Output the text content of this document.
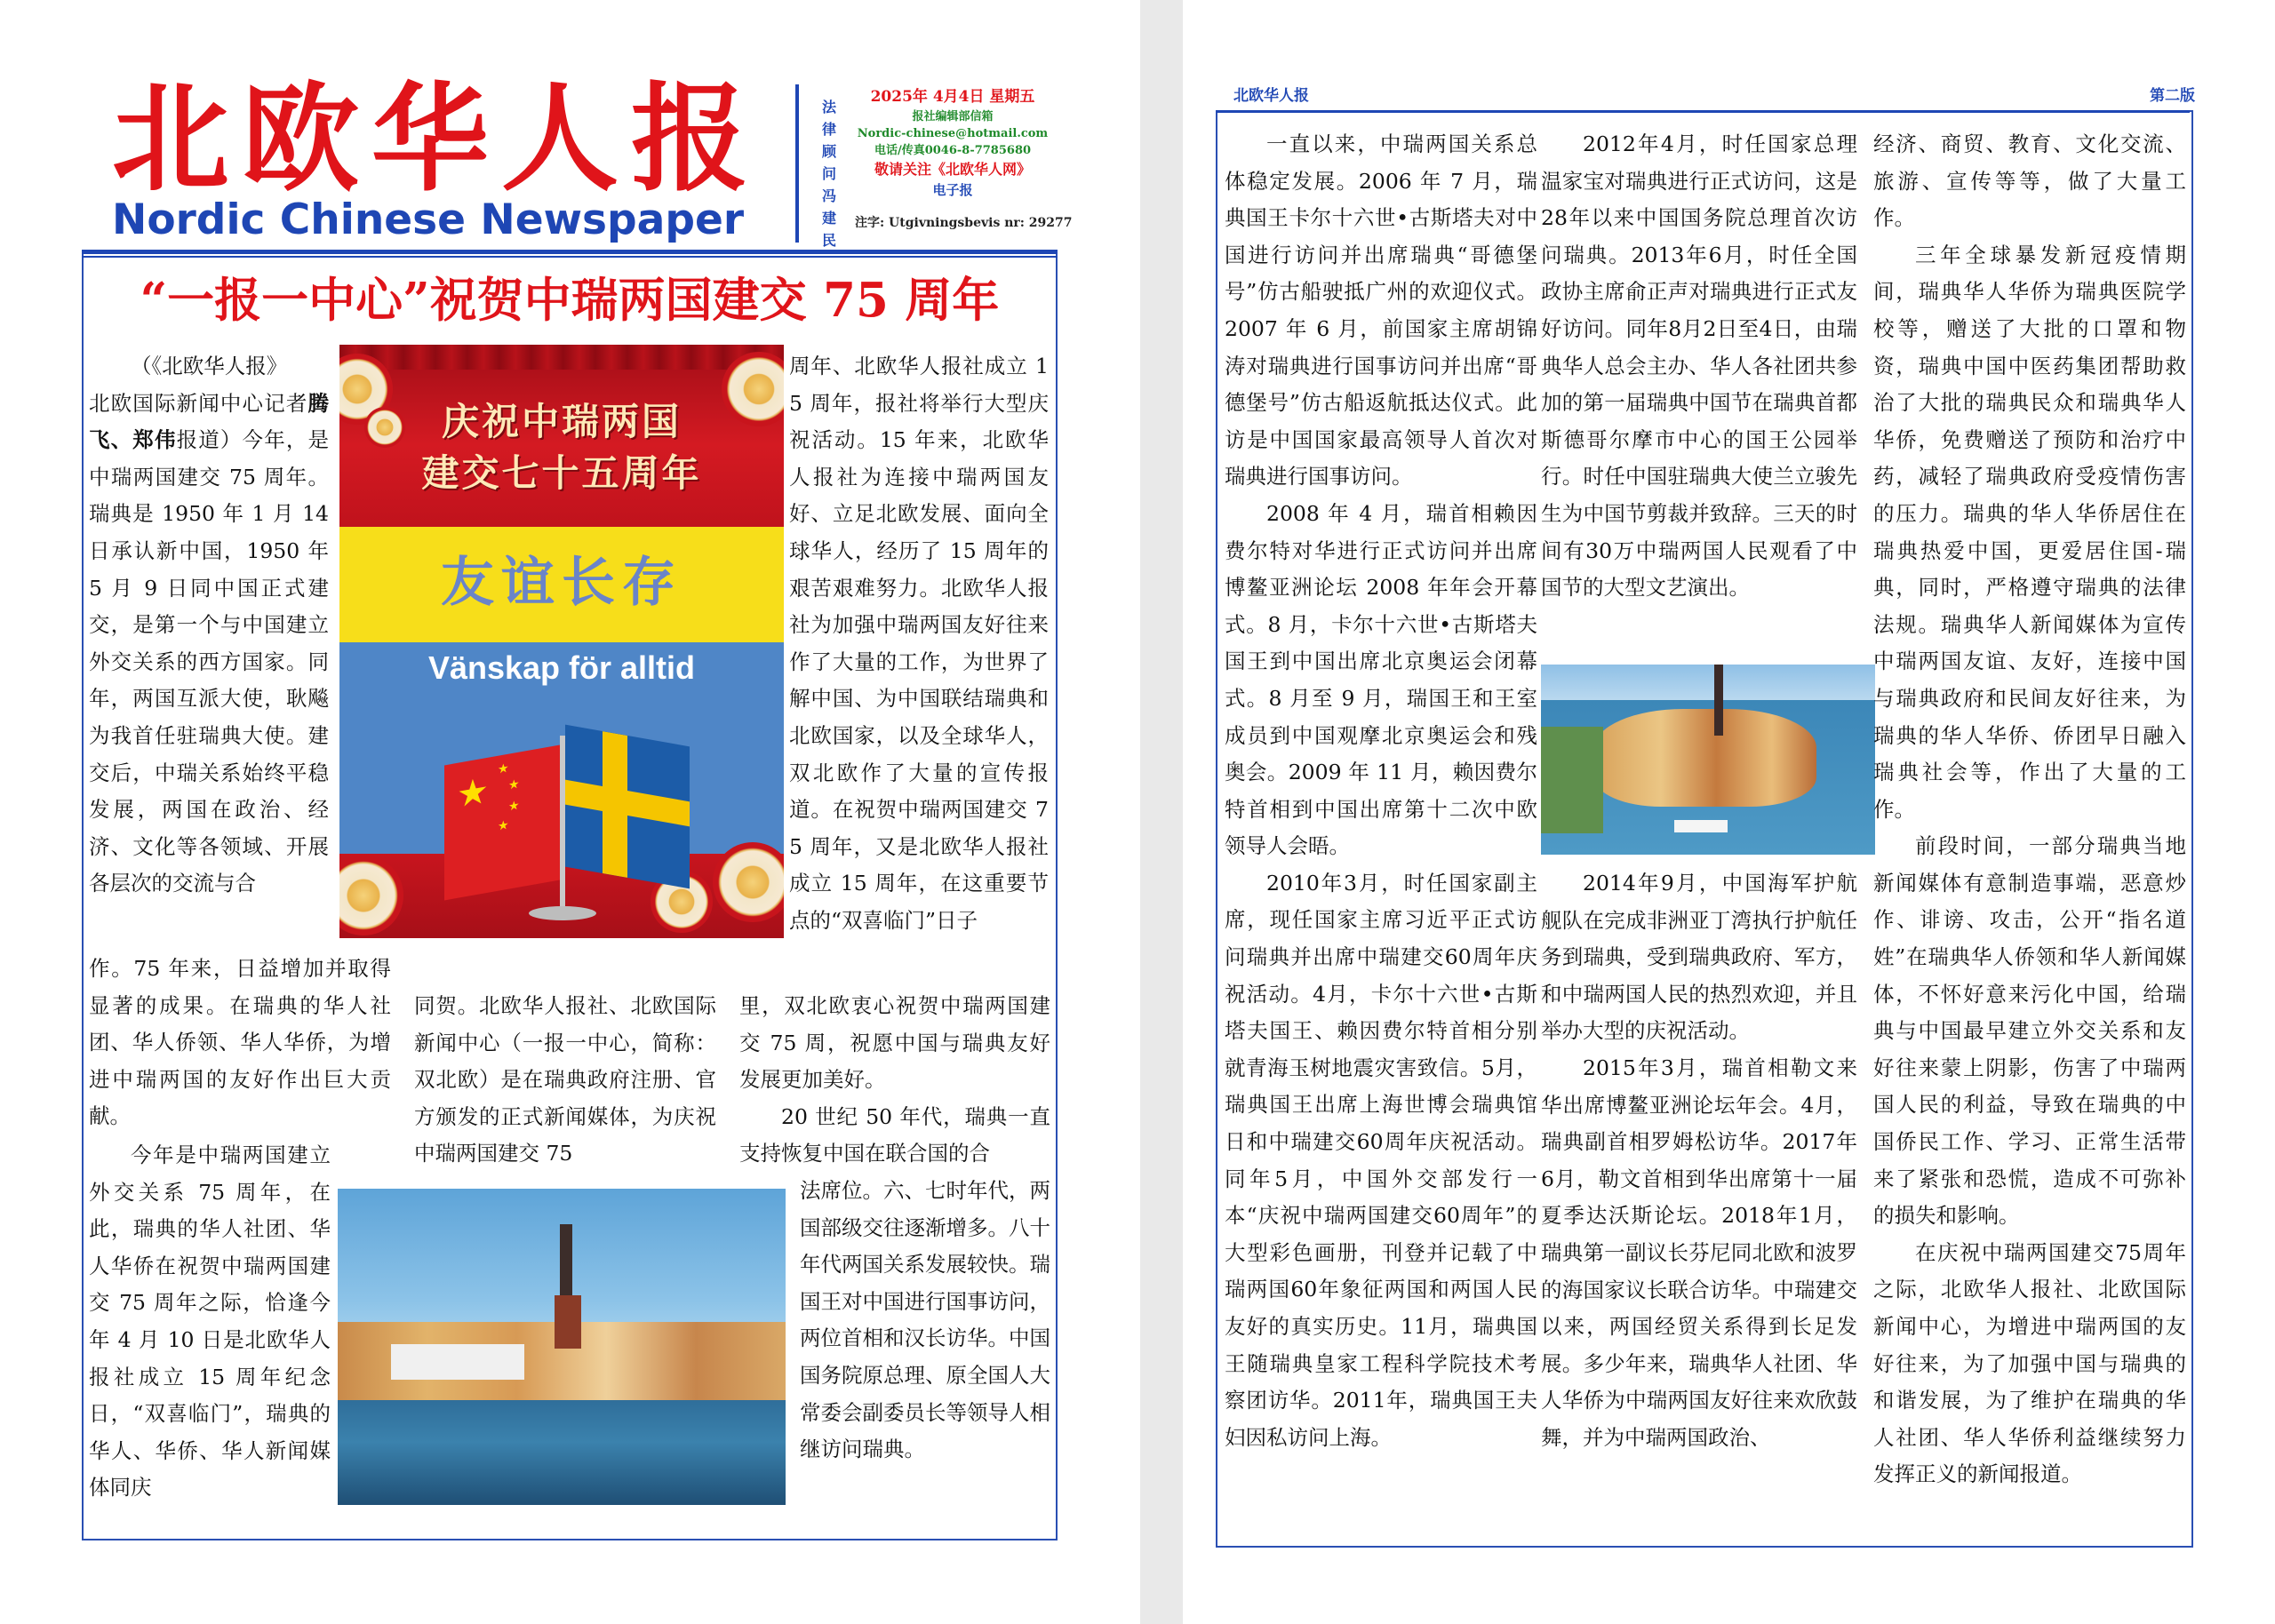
北欧华人报
Nordic Chinese Newspaper
法律顾问冯建民
2025年 4月4日 星期五
报社编辑部信箱
Nordic-chinese@hotmail.com
电话/传真0046-8-7785680
敬请关注《北欧华人网》
电子报
注字: Utgivningsbevis nr: 29277
“一报一中心”祝贺中瑞两国建交 75 周年

（《北欧华人报》

北欧国际新闻中心记者腾飞、郑伟报道）今年，是中瑞两国建交 75 周年。瑞典是 1950 年 1 月 14 日承认新中国，1950 年 5 月 9 日同中国正式建交，是第一个与中国建立外交关系的西方国家。同年，两国互派大使，耿飚为我首任驻瑞典大使。建交后，中瑞关系始终平稳发展，两国在政治、经济、文化等各领域、开展各层次的交流与合

庆祝中瑞两国
建交七十五周年
友谊长存
Vänskap för alltid
★
★
★
★
★

周年、北欧华人报社成立 15 周年，报社将举行大型庆祝活动。15 年来，北欧华人报社为连接中瑞两国友好、立足北欧发展、面向全球华人，经历了 15 周年的艰苦艰难努力。北欧华人报社为加强中瑞两国友好往来作了大量的工作，为世界了解中国、为中国联结瑞典和北欧国家，以及全球华人，双北欧作了大量的宣传报道。在祝贺中瑞两国建交 75 周年，又是北欧华人报社成立 15 周年，在这重要节点的“双喜临门”日子

作。75 年来，日益增加并取得显著的成果。在瑞典的华人社团、华人侨领、华人华侨，为增进中瑞两国的友好作出巨大贡献。

同贺。北欧华人报社、北欧国际新闻中心（一报一中心，简称：双北欧）是在瑞典政府注册、官方颁发的正式新闻媒体，为庆祝中瑞两国建交 75

里，双北欧衷心祝贺中瑞两国建交 75 周，祝愿中国与瑞典友好发展更加美好。

20 世纪 50 年代，瑞典一直支持恢复中国在联合国的合

今年是中瑞两国建立外交关系 75 周年，在此，瑞典的华人社团、华人华侨在祝贺中瑞两国建交 75 周年之际，恰逢今年 4 月 10 日是北欧华人报社成立 15 周年纪念日，“双喜临门”，瑞典的华人、华侨、华人新闻媒体同庆

法席位。六、七时年代，两国部级交往逐渐增多。八十年代两国关系发展较快。瑞国王对中国进行国事访问，两位首相和汉长访华。中国国务院原总理、原全国人大常委会副委员长等领导人相继访问瑞典。

北欧华人报	第二版

一直以来，中瑞两国关系总体稳定发展。2006 年 7 月，瑞典国王卡尔十六世•古斯塔夫对中国进行访问并出席瑞典“哥德堡号”仿古船驶抵广州的欢迎仪式。2007 年 6 月，前国家主席胡锦涛对瑞典进行国事访问并出席“哥德堡号”仿古船返航抵达仪式。此访是中国国家最高领导人首次对瑞典进行国事访问。

2008 年 4 月，瑞首相赖因费尔特对华进行正式访问并出席博鳌亚洲论坛 2008 年年会开幕式。8 月，卡尔十六世•古斯塔夫国王到中国出席北京奥运会闭幕式。8 月至 9 月，瑞国王和王室成员到中国观摩北京奥运会和残奥会。2009 年 11 月，赖因费尔特首相到中国出席第十二次中欧领导人会晤。

2010年3月，时任国家副主席，现任国家主席习近平正式访问瑞典并出席中瑞建交60周年庆祝活动。4月，卡尔十六世•古斯塔夫国王、赖因费尔特首相分别就青海玉树地震灾害致信。5月，瑞典国王出席上海世博会瑞典馆日和中瑞建交60周年庆祝活动。同年5月，中国外交部发行一本“庆祝中瑞两国建交60周年”的大型彩色画册，刊登并记载了中瑞两国60年象征两国和两国人民友好的真实历史。11月，瑞典国王随瑞典皇家工程科学院技术考察团访华。2011年，瑞典国王夫妇因私访问上海。

2012年4月，时任国家总理温家宝对瑞典进行正式访问，这是28年以来中国国务院总理首次访问瑞典。2013年6月，时任全国政协主席俞正声对瑞典进行正式友好访问。同年8月2日至4日，由瑞典华人总会主办、华人各社团共参加的第一届瑞典中国节在瑞典首都斯德哥尔摩市中心的国王公园举行。时任中国驻瑞典大使兰立骏先生为中国节剪裁并致辞。三天的时间有30万中瑞两国人民观看了中国节的大型文艺演出。

2014年9月，中国海军护航舰队在完成非洲亚丁湾执行护航任务到瑞典，受到瑞典政府、军方，和中瑞两国人民的热烈欢迎，并且举办大型的庆祝活动。

2015年3月，瑞首相勒文来华出席博鳌亚洲论坛年会。4月，瑞典副首相罗姆松访华。2017年6月，勒文首相到华出席第十一届夏季达沃斯论坛。2018年1月，瑞典第一副议长芬尼同北欧和波罗的海国家议长联合访华。中瑞建交以来，两国经贸关系得到长足发展。多少年来，瑞典华人社团、华人华侨为中瑞两国友好往来欢欣鼓舞，并为中瑞两国政治、

经济、商贸、教育、文化交流、旅游、宣传等等，做了大量工作。

三年全球暴发新冠疫情期间，瑞典华人华侨为瑞典医院学校等，赠送了大批的口罩和物资，瑞典中国中医药集团帮助救治了大批的瑞典民众和瑞典华人华侨，免费赠送了预防和治疗中药，减轻了瑞典政府受疫情伤害的压力。瑞典的华人华侨居住在瑞典热爱中国，更爱居住国-瑞典，同时，严格遵守瑞典的法律法规。瑞典华人新闻媒体为宣传中瑞两国友谊、友好，连接中国与瑞典政府和民间友好往来，为瑞典的华人华侨、侨团早日融入瑞典社会等，作出了大量的工作。

前段时间，一部分瑞典当地新闻媒体有意制造事端，恶意炒作、诽谤、攻击，公开“指名道姓”在瑞典华人侨领和华人新闻媒体，不怀好意来污化中国，给瑞典与中国最早建立外交关系和友好往来蒙上阴影，伤害了中瑞两国人民的利益，导致在瑞典的中国侨民工作、学习、正常生活带来了紧张和恐慌，造成不可弥补的损失和影响。

在庆祝中瑞两国建交75周年之际，北欧华人报社、北欧国际新闻中心，为增进中瑞两国的友好往来，为了加强中国与瑞典的和谐发展，为了维护在瑞典的华人社团、华人华侨利益继续努力发挥正义的新闻报道。
